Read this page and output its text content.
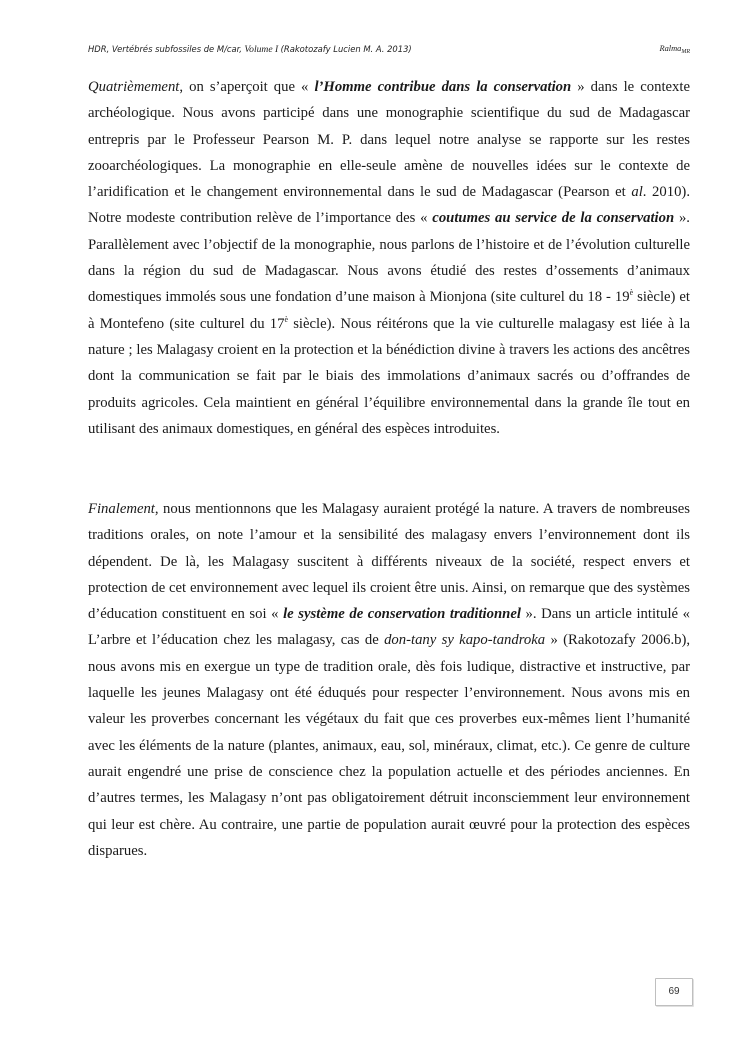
HDR, Vertébrés subfossiles de M/car, Volume I (Rakotozafy Lucien M. A. 2013)	Ralma$_{MR}$

Quatrièmement, on s’aperçoit que « l’Homme contribue dans la conservation » dans le contexte archéologique. Nous avons participé dans une monographie scientifique du sud de Madagascar entrepris par le Professeur Pearson M. P. dans lequel notre analyse se rapporte sur les restes zooarchéologiques. La monographie en elle-seule amène de nouvelles idées sur le contexte de l’aridification et le changement environnemental dans le sud de Madagascar (Pearson et al. 2010). Notre modeste contribution relève de l’importance des « coutumes au service de la conservation ». Parallèlement avec l’objectif de la monographie, nous parlons de l’histoire et de l’évolution culturelle dans la région du sud de Madagascar. Nous avons étudié des restes d’ossements d’animaux domestiques immolés sous une fondation d’une maison à Mionjona (site culturel du $18 - 19^è$ siècle) et à Montefeno (site culturel du $17^è$ siècle). Nous réitérons que la vie culturelle malagasy est liée à la nature ; les Malagasy croient en la protection et la bénédiction divine à travers les actions des ancêtres dont la communication se fait par le biais des immolations d’animaux sacrés ou d’offrandes de produits agricoles. Cela maintient en général l’équilibre environnemental dans la grande île tout en utilisant des animaux domestiques, en général des espèces introduites.

Finalement, nous mentionnons que les Malagasy auraient protégé la nature. A travers de nombreuses traditions orales, on note l’amour et la sensibilité des malagasy envers l’environnement dont ils dépendent. De là, les Malagasy suscitent à différents niveaux de la société, respect envers et protection de cet environnement avec lequel ils croient être unis. Ainsi, on remarque que des systèmes d’éducation constituent en soi « le système de conservation traditionnel ». Dans un article intitulé « L’arbre et l’éducation chez les malagasy, cas de don-tany sy kapo-tandroka » (Rakotozafy 2006.b), nous avons mis en exergue un type de tradition orale, dès fois ludique, distractive et instructive, par laquelle les jeunes Malagasy ont été éduqués pour respecter l’environnement. Nous avons mis en valeur les proverbes concernant les végétaux du fait que ces proverbes eux-mêmes lient l’humanité avec les éléments de la nature (plantes, animaux, eau, sol, minéraux, climat, etc.). Ce genre de culture aurait engendré une prise de conscience chez la population actuelle et des périodes anciennes. En d’autres termes, les Malagasy n’ont pas obligatoirement détruit inconsciemment leur environnement qui leur est chère. Au contraire, une partie de population aurait œuvré pour la protection des espèces disparues.

69
